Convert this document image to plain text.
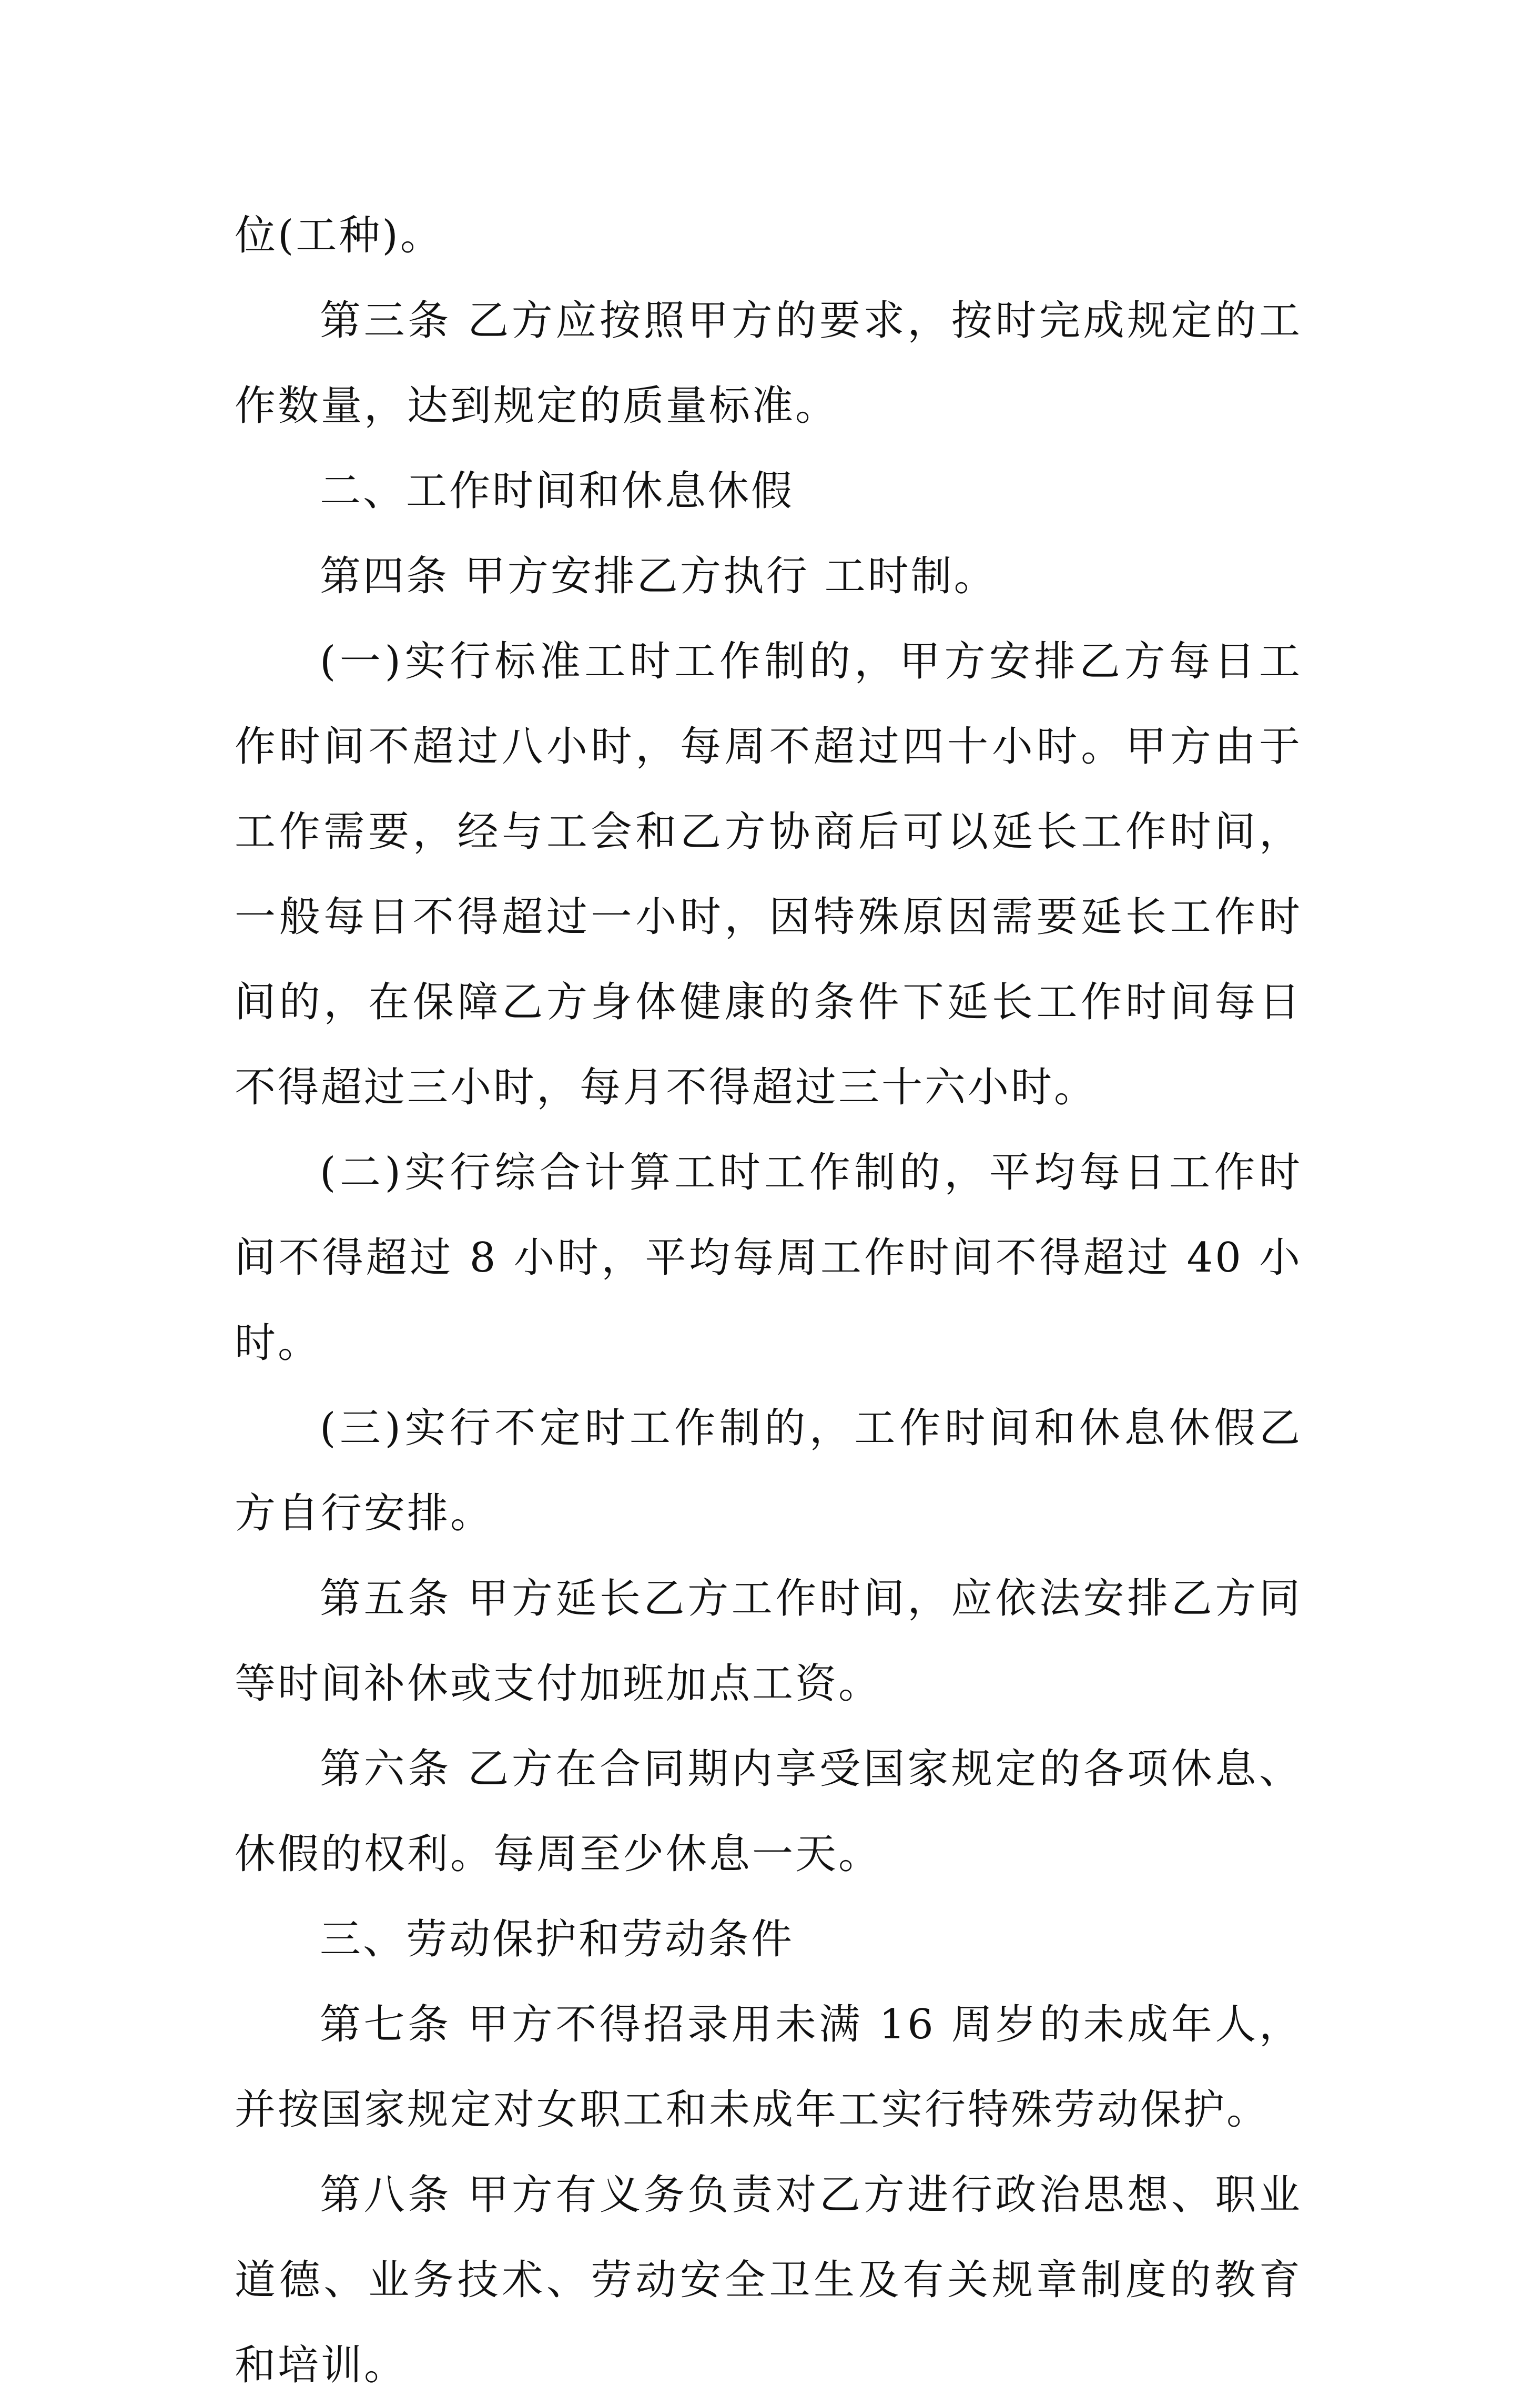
位(工种)。

第三条 乙方应按照甲方的要求，按时完成规定的工作数量，达到规定的质量标准。

二、工作时间和休息休假

第四条 甲方安排乙方执行 工时制。

(一)实行标准工时工作制的，甲方安排乙方每日工作时间不超过八小时，每周不超过四十小时。甲方由于工作需要，经与工会和乙方协商后可以延长工作时间，一般每日不得超过一小时，因特殊原因需要延长工作时间的，在保障乙方身体健康的条件下延长工作时间每日不得超过三小时，每月不得超过三十六小时。

(二)实行综合计算工时工作制的，平均每日工作时间不得超过 8 小时，平均每周工作时间不得超过 40 小时。

(三)实行不定时工作制的，工作时间和休息休假乙方自行安排。

第五条 甲方延长乙方工作时间，应依法安排乙方同等时间补休或支付加班加点工资。

第六条 乙方在合同期内享受国家规定的各项休息、休假的权利。每周至少休息一天。

三、劳动保护和劳动条件

第七条 甲方不得招录用未满 16 周岁的未成年人，并按国家规定对女职工和未成年工实行特殊劳动保护。

第八条 甲方有义务负责对乙方进行政治思想、职业道德、业务技术、劳动安全卫生及有关规章制度的教育和培训。
